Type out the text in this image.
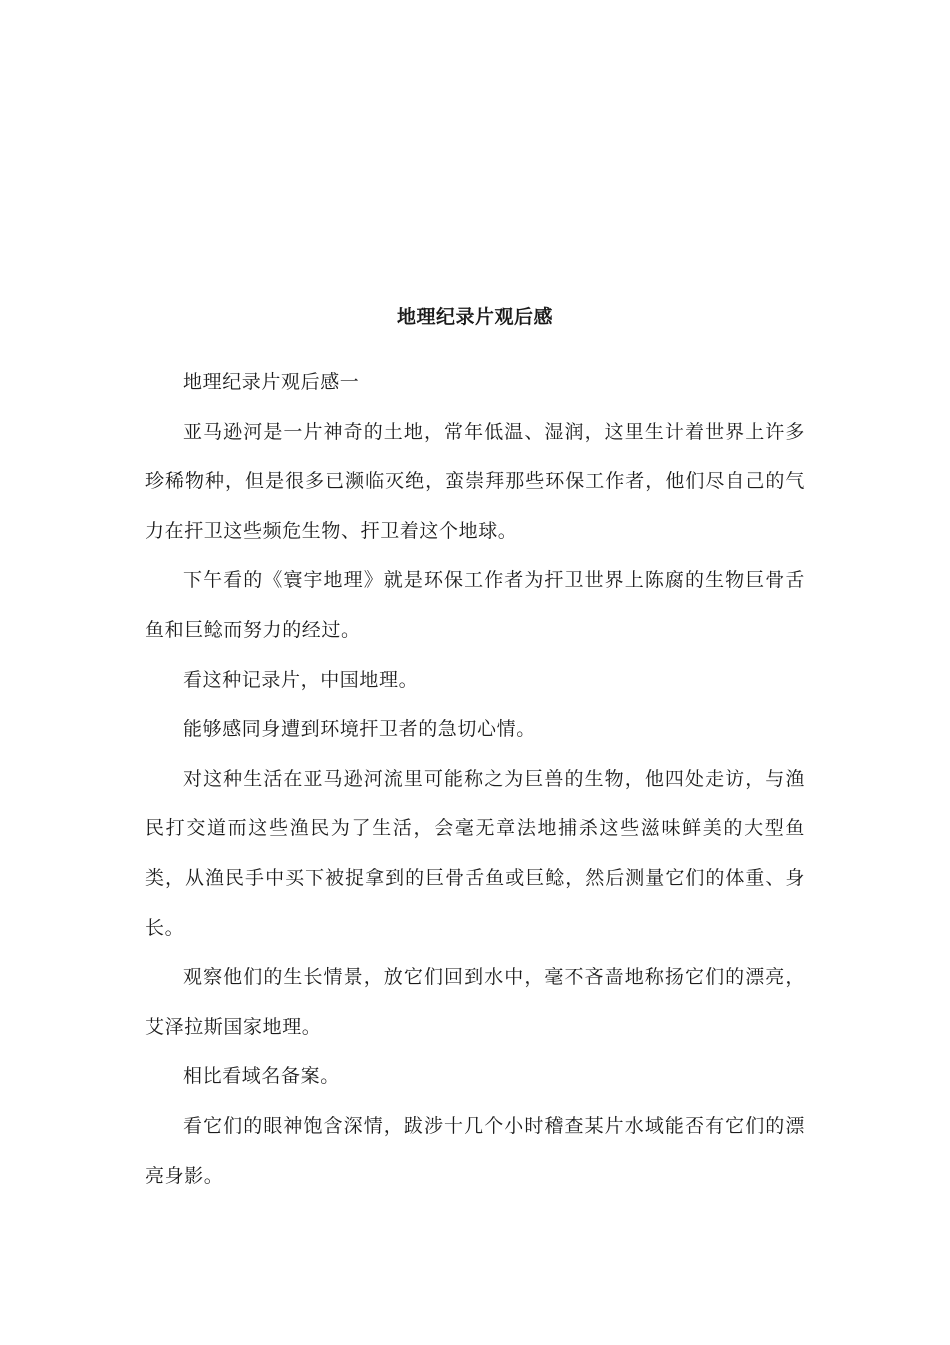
地理纪录片观后感

地理纪录片观后感一

亚马逊河是一片神奇的土地，常年低温、湿润，这里生计着世界上许多珍稀物种，但是很多已濒临灭绝，蛮崇拜那些环保工作者，他们尽自己的气力在扞卫这些频危生物、扞卫着这个地球。

下午看的《寰宇地理》就是环保工作者为扞卫世界上陈腐的生物巨骨舌鱼和巨鲶而努力的经过。

看这种记录片，中国地理。

能够感同身遭到环境扞卫者的急切心情。

对这种生活在亚马逊河流里可能称之为巨兽的生物，他四处走访，与渔民打交道而这些渔民为了生活，会毫无章法地捕杀这些滋味鲜美的大型鱼类，从渔民手中买下被捉拿到的巨骨舌鱼或巨鲶，然后测量它们的体重、身长。

观察他们的生长情景，放它们回到水中，毫不吝啬地称扬它们的漂亮，艾泽拉斯国家地理。

相比看域名备案。

看它们的眼神饱含深情，跋涉十几个小时稽查某片水域能否有它们的漂亮身影。
